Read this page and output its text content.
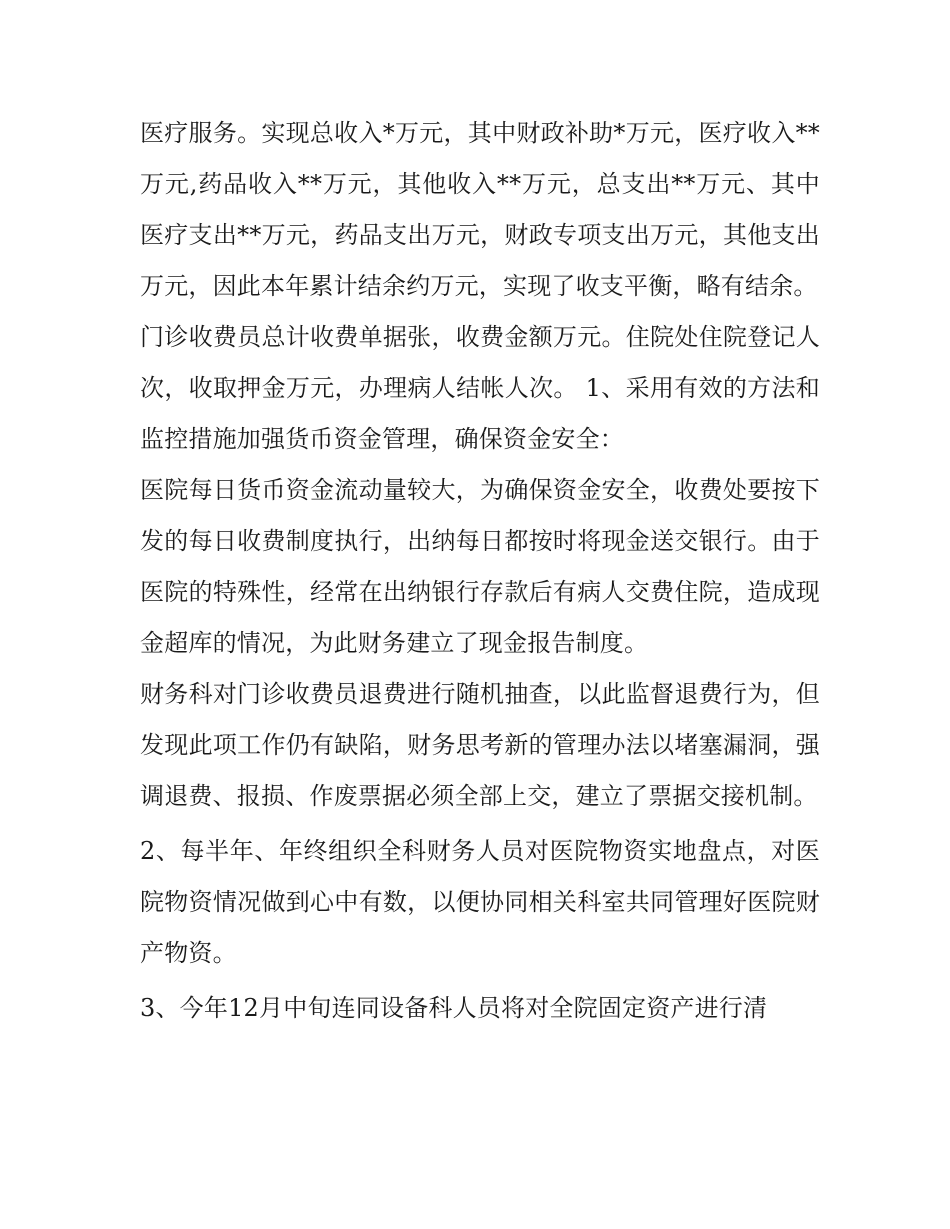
医疗服务。实现总收入*万元，其中财政补助*万元，医疗收入**万元,药品收入**万元，其他收入**万元，总支出**万元、其中医疗支出**万元，药品支出万元，财政专项支出万元，其他支出万元，因此本年累计结余约万元，实现了收支平衡，略有结余。

门诊收费员总计收费单据张，收费金额万元。住院处住院登记人次，收取押金万元，办理病人结帐人次。 1、采用有效的方法和监控措施加强货币资金管理，确保资金安全：

医院每日货币资金流动量较大，为确保资金安全，收费处要按下发的每日收费制度执行，出纳每日都按时将现金送交银行。由于医院的特殊性，经常在出纳银行存款后有病人交费住院，造成现金超库的情况，为此财务建立了现金报告制度。

财务科对门诊收费员退费进行随机抽查，以此监督退费行为，但发现此项工作仍有缺陷，财务思考新的管理办法以堵塞漏洞，强调退费、报损、作废票据必须全部上交，建立了票据交接机制。

2、每半年、年终组织全科财务人员对医院物资实地盘点，对医院物资情况做到心中有数，以便协同相关科室共同管理好医院财产物资。

3、今年12月中旬连同设备科人员将对全院固定资产进行清
